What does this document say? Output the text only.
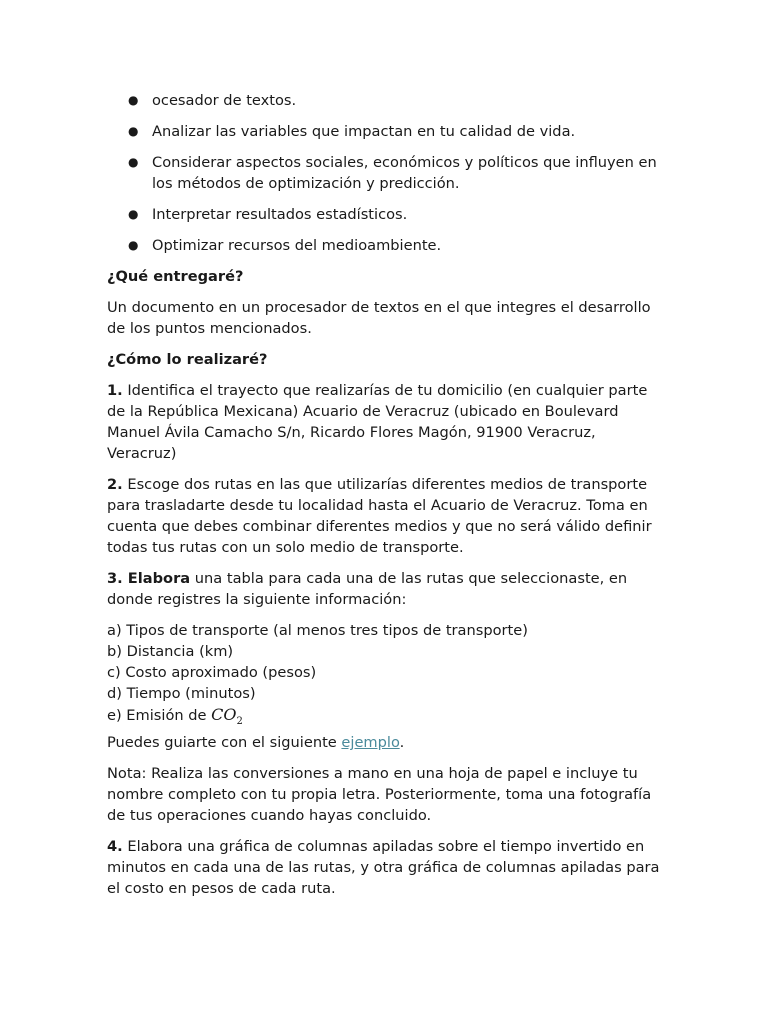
● ocesador de textos.
● Analizar las variables que impactan en tu calidad de vida.
● Considerar aspectos sociales, económicos y políticos que influyen en los métodos de optimización y predicción.
● Interpretar resultados estadísticos.
● Optimizar recursos del medioambiente.

¿Qué entregaré?

Un documento en un procesador de textos en el que integres el desarrollo de los puntos mencionados.

¿Cómo lo realizaré?

1. Identifica el trayecto que realizarías de tu domicilio (en cualquier parte de la República Mexicana) Acuario de Veracruz (ubicado en Boulevard Manuel Ávila Camacho S/n, Ricardo Flores Magón, 91900 Veracruz, Veracruz)

2. Escoge dos rutas en las que utilizarías diferentes medios de transporte para trasladarte desde tu localidad hasta el Acuario de Veracruz. Toma en cuenta que debes combinar diferentes medios y que no será válido definir todas tus rutas con un solo medio de transporte.

3. Elabora una tabla para cada una de las rutas que seleccionaste, en donde registres la siguiente información:

a) Tipos de transporte (al menos tres tipos de transporte)
b) Distancia (km)
c) Costo aproximado (pesos)
d) Tiempo (minutos)
e) Emisión de $CO_2$

Puedes guiarte con el siguiente ejemplo.

Nota: Realiza las conversiones a mano en una hoja de papel e incluye tu nombre completo con tu propia letra. Posteriormente, toma una fotografía de tus operaciones cuando hayas concluido.

4. Elabora una gráfica de columnas apiladas sobre el tiempo invertido en minutos en cada una de las rutas, y otra gráfica de columnas apiladas para el costo en pesos de cada ruta.
